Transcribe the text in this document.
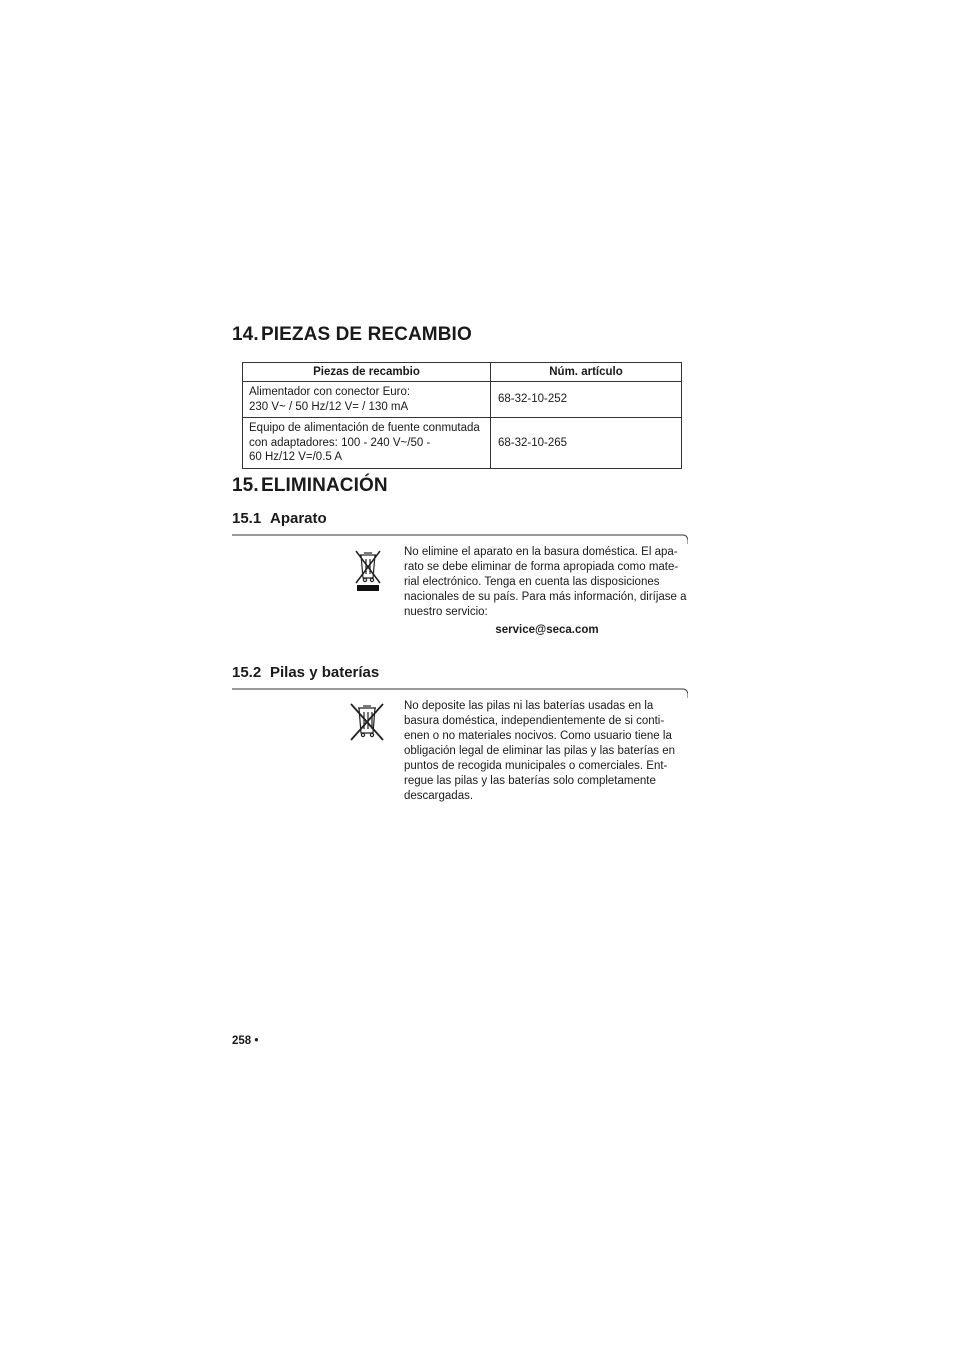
14. PIEZAS DE RECAMBIO
Piezas de recambio	Núm. artículo

Alimentador con conector Euro:
230 V~ / 50 Hz/12 V= / 130 mA	68-32-10-252

Equipo de alimentación de fuente conmutada
con adaptadores: 100 - 240 V~/50 -
60 Hz/12 V=/0.5 A	68-32-10-265
15. ELIMINACIÓN
15.1 Aparato

No elimine el aparato en la basura doméstica. El apa-
rato se debe eliminar de forma apropiada como mate-
rial electrónico. Tenga en cuenta las disposiciones
nacionales de su país. Para más información, diríjase a
nuestro servicio:

service@seca.com
15.2 Pilas y baterías
Li

No deposite las pilas ni las baterías usadas en la
basura doméstica, independientemente de si conti-
enen o no materiales nocivos. Como usuario tiene la
obligación legal de eliminar las pilas y las baterías en
puntos de recogida municipales o comerciales. Ent-
regue las pilas y las baterías solo completamente
descargadas.

258 •
